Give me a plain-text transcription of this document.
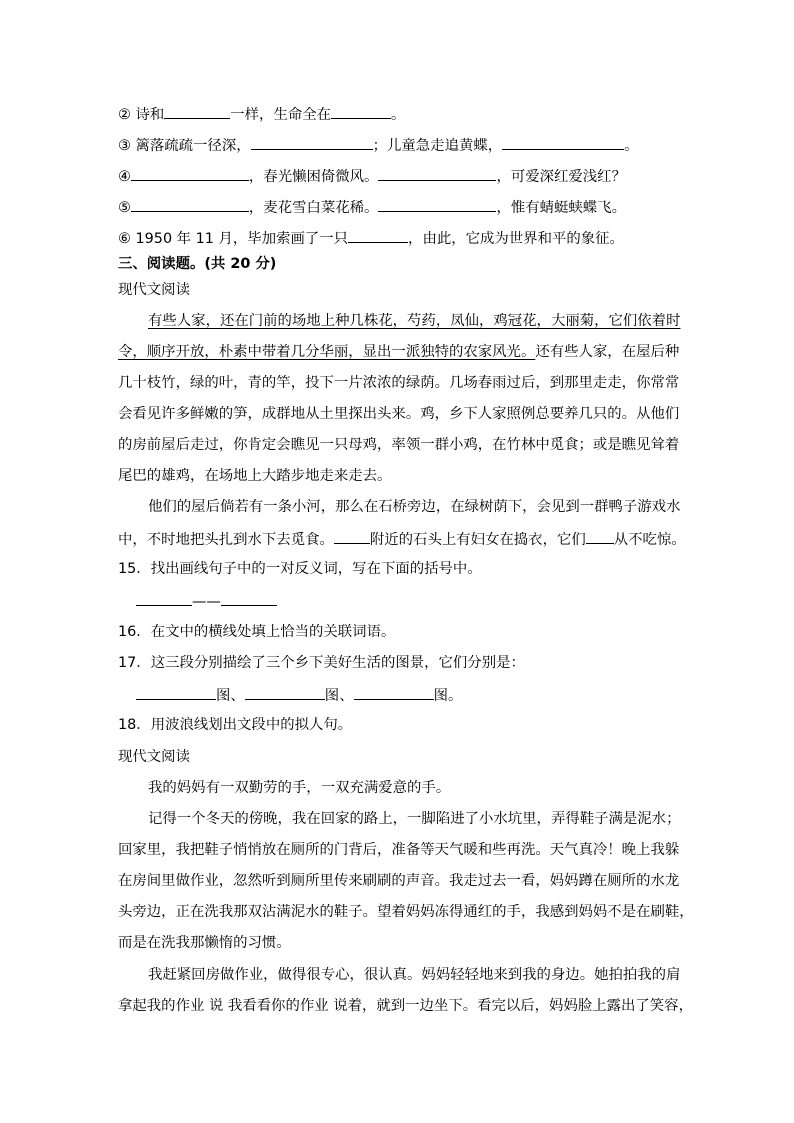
② 诗和	一样，生命全在	。
③ 篱落疏疏一径深，	；儿童急走追黄蝶，	。
④	，春光懒困倚微风。	，可爱深红爱浅红？
⑤	，麦花雪白菜花稀。	，惟有蜻蜓蛱蝶飞。
⑥ 1950 年 11 月，毕加索画了一只	，由此，它成为世界和平的象征。
三、阅读题。(共 20 分)
现代文阅读
有些人家，还在门前的场地上种几株花，芍药，凤仙，鸡冠花，大丽菊，它们依着时
令，顺序开放，朴素中带着几分华丽，显出一派独特的农家风光。还有些人家，在屋后种
几十枝竹，绿的叶，青的竿，投下一片浓浓的绿荫。几场春雨过后，到那里走走，你常常
会看见许多鲜嫩的笋，成群地从土里探出头来。鸡，乡下人家照例总要养几只的。从他们
的房前屋后走过，你肯定会瞧见一只母鸡，率领一群小鸡，在竹林中觅食；或是瞧见耸着
尾巴的雄鸡，在场地上大踏步地走来走去。
他们的屋后倘若有一条小河，那么在石桥旁边，在绿树荫下，会见到一群鸭子游戏水
中，不时地把头扎到水下去觅食。	附近的石头上有妇女在捣衣，它们 从不吃惊。
15．找出画线句子中的一对反义词，写在下面的括号中。
——
16．在文中的横线处填上恰当的关联词语。
17．这三段分别描绘了三个乡下美好生活的图景，它们分别是：
图、	图、	图。
18．用波浪线划出文段中的拟人句。
现代文阅读
我的妈妈有一双勤劳的手，一双充满爱意的手。
记得一个冬天的傍晚，我在回家的路上，一脚陷进了小水坑里，弄得鞋子满是泥水；
回家里，我把鞋子悄悄放在厕所的门背后，准备等天气暖和些再洗。天气真冷！晚上我躲
在房间里做作业，忽然听到厕所里传来刷刷的声音。我走过去一看，妈妈蹲在厕所的水龙
头旁边，正在洗我那双沾满泥水的鞋子。望着妈妈冻得通红的手，我感到妈妈不是在刷鞋，
而是在洗我那懒惰的习惯。
我赶紧回房做作业，做得很专心，很认真。妈妈轻轻地来到我的身边。她拍拍我的肩
拿起我的作业 说 我看看你的作业 说着，就到一边坐下。看完以后，妈妈脸上露出了笑容，
